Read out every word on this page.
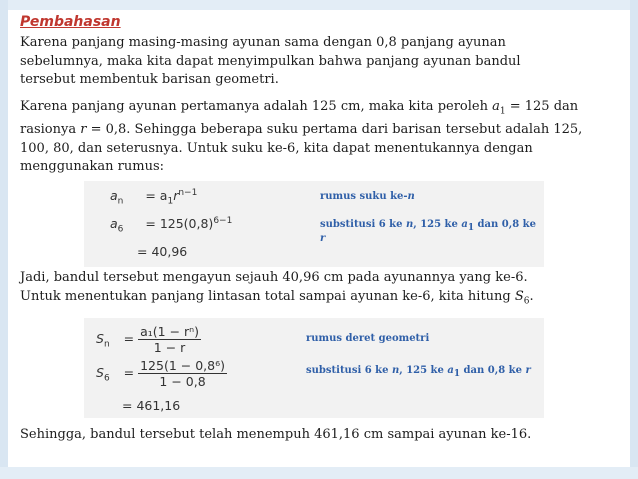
Pembahasan
Karena panjang masing-masing ayunan sama dengan 0,8 panjang ayunan
sebelumnya, maka kita dapat menyimpulkan bahwa panjang ayunan bandul
tersebut membentuk barisan geometri.
Karena panjang ayunan pertamanya adalah 125 cm, maka kita peroleh $a_1 = 125$ dan
rasionya r = 0,8. Sehingga beberapa suku pertama dari barisan tersebut adalah 125,
100, 80, dan seterusnya. Untuk suku ke-6, kita dapat menentukannya dengan
menggunakan rumus:
$a_n = a_1r^{n-1}$	rumus suku ke-n
$a_6 = 125(0,8)^{6-1}$	substitusi 6 ke n, 125 ke $a_1$ dan 0,8 ke r
= 40,96
Jadi, bandul tersebut mengayun sejauh 40,96 cm pada ayunannya yang ke-6.
Untuk menentukan panjang lintasan total sampai ayunan ke-6, kita hitung $S_6$.
$S_n = \frac{\text{a₁(1 − rⁿ)}}{1 - r}$	rumus deret geometri
$S_6 = \frac{\text{125(1 − 0,8⁶)}}{1 - 0,8}$	substitusi 6 ke n, 125 ke $a_1$ dan 0,8 ke r
= 461,16
Sehingga, bandul tersebut telah menempuh 461,16 cm sampai ayunan ke-16.
